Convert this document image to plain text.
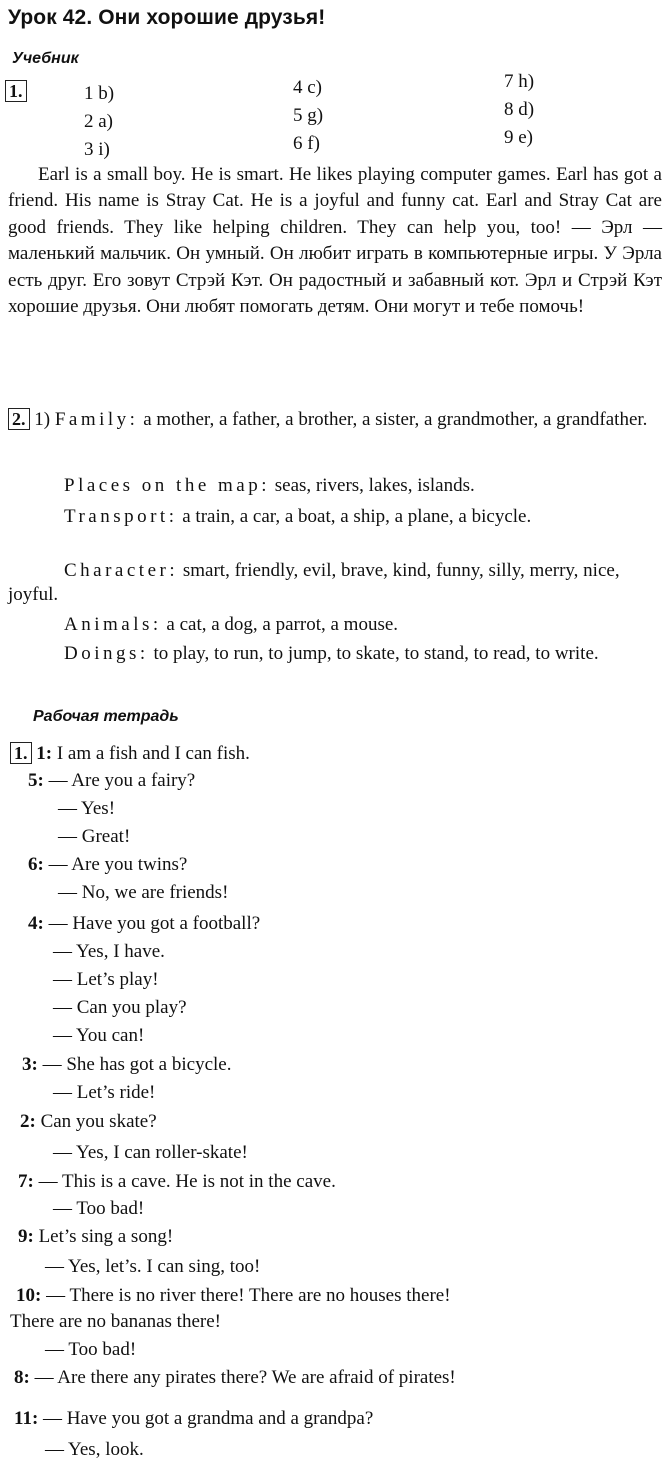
Урок 42. Они хорошие друзья!
Учебник
1.	1 b)
2 a)
3 i)
4 c)
5 g)
6 f)
7 h)
8 d)
9 e)
Earl is a small boy. He is smart. He likes playing computer games. Earl has got a friend. His name is Stray Cat. He is a joyful and funny cat. Earl and Stray Cat are good friends. They like helping children. They can help you, too! — Эрл — маленький мальчик. Он умный. Он любит играть в компьютерные игры. У Эрла есть друг. Его зовут Стрэй Кэт. Он радостный и забавный кот. Эрл и Стрэй Кэт хорошие друзья. Они любят помогать детям. Они могут и тебе помочь!
2. 1) Family: a mother, a father, a brother, a sister, a grandmother, a grandfather.
Places on the map: seas, rivers, lakes, islands.
Transport: a train, a car, a boat, a ship, a plane, a bicycle.
Character: smart, friendly, evil, brave, kind, funny, silly, merry, nice, joyful.
Animals: a cat, a dog, a parrot, a mouse.
Doings: to play, to run, to jump, to skate, to stand, to read, to write.
Рабочая тетрадь
1. 1: I am a fish and I can fish.
5: — Are you a fairy?
— Yes!
— Great!
6: — Are you twins?
— No, we are friends!
4: — Have you got a football?
— Yes, I have.
— Let’s play!
— Can you play?
— You can!
3: — She has got a bicycle.
— Let’s ride!
2: Can you skate?
— Yes, I can roller-skate!
7: — This is a cave. He is not in the cave.
— Too bad!
9: Let’s sing a song!
— Yes, let’s. I can sing, too!
10: — There is no river there! There are no houses there!
There are no bananas there!
— Too bad!
8: — Are there any pirates there? We are afraid of pirates!
11: — Have you got a grandma and a grandpa?
— Yes, look.
